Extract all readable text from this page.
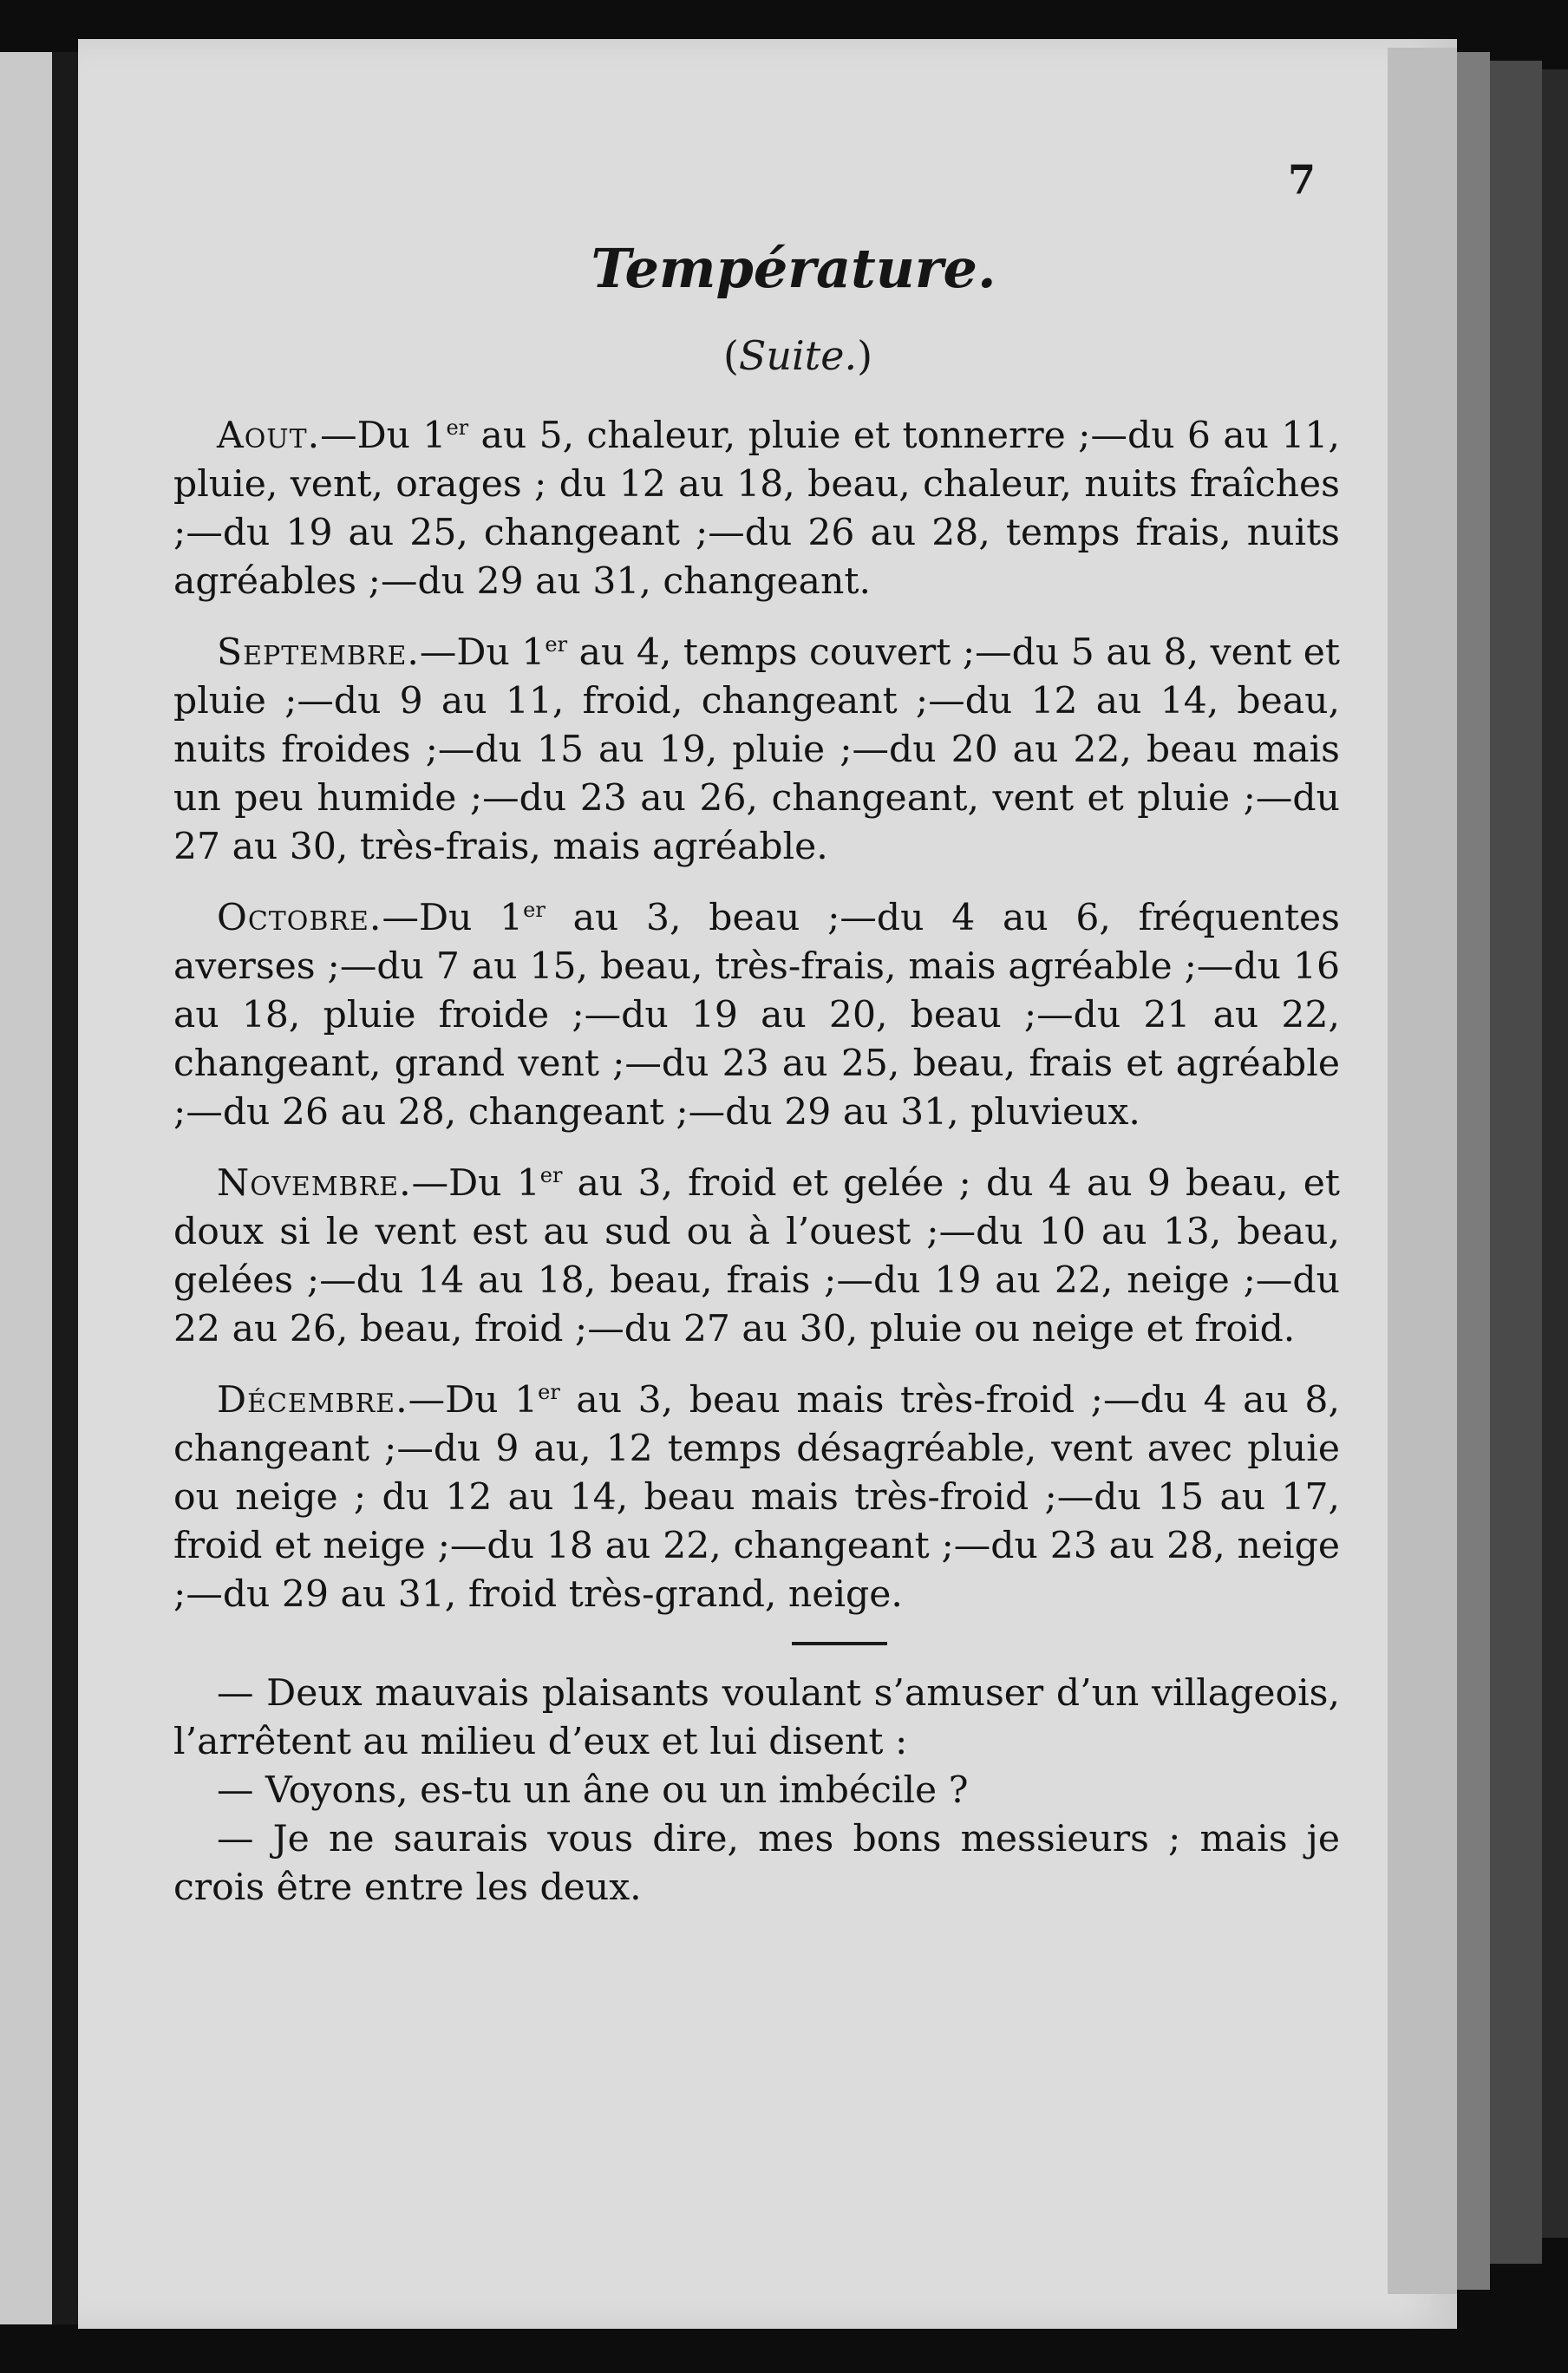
7
Température.
(Suite.)

Aout.—Du 1er au 5, chaleur, pluie et tonnerre ;—du 6 au 11, pluie, vent, orages ; du 12 au 18, beau, chaleur, nuits fraîches ;—du 19 au 25, changeant ;—du 26 au 28, temps frais, nuits agréables ;—du 29 au 31, changeant.

Septembre.—Du 1er au 4, temps couvert ;—du 5 au 8, vent et pluie ;—du 9 au 11, froid, changeant ;—du 12 au 14, beau, nuits froides ;—du 15 au 19, pluie ;—du 20 au 22, beau mais un peu humide ;—du 23 au 26, changeant, vent et pluie ;—du 27 au 30, très-frais, mais agréable.

Octobre.—Du 1er au 3, beau ;—du 4 au 6, fréquentes averses ;—du 7 au 15, beau, très-frais, mais agréable ;—du 16 au 18, pluie froide ;—du 19 au 20, beau ;—du 21 au 22, changeant, grand vent ;—du 23 au 25, beau, frais et agréable ;—du 26 au 28, changeant ;—du 29 au 31, pluvieux.

Novembre.—Du 1er au 3, froid et gelée ; du 4 au 9 beau, et doux si le vent est au sud ou à l’ouest ;—du 10 au 13, beau, gelées ;—du 14 au 18, beau, frais ;—du 19 au 22, neige ;—du 22 au 26, beau, froid ;—du 27 au 30, pluie ou neige et froid.

Décembre.—Du 1er au 3, beau mais très-froid ;—du 4 au 8, changeant ;—du 9 au, 12 temps désagréable, vent avec pluie ou neige ; du 12 au 14, beau mais très-froid ;—du 15 au 17, froid et neige ;—du 18 au 22, changeant ;—du 23 au 28, neige ;—du 29 au 31, froid très-grand, neige.

— Deux mauvais plaisants voulant s’amuser d’un villageois, l’arrêtent au milieu d’eux et lui disent :

— Voyons, es-tu un âne ou un imbécile ?

— Je ne saurais vous dire, mes bons messieurs ; mais je crois être entre les deux.
